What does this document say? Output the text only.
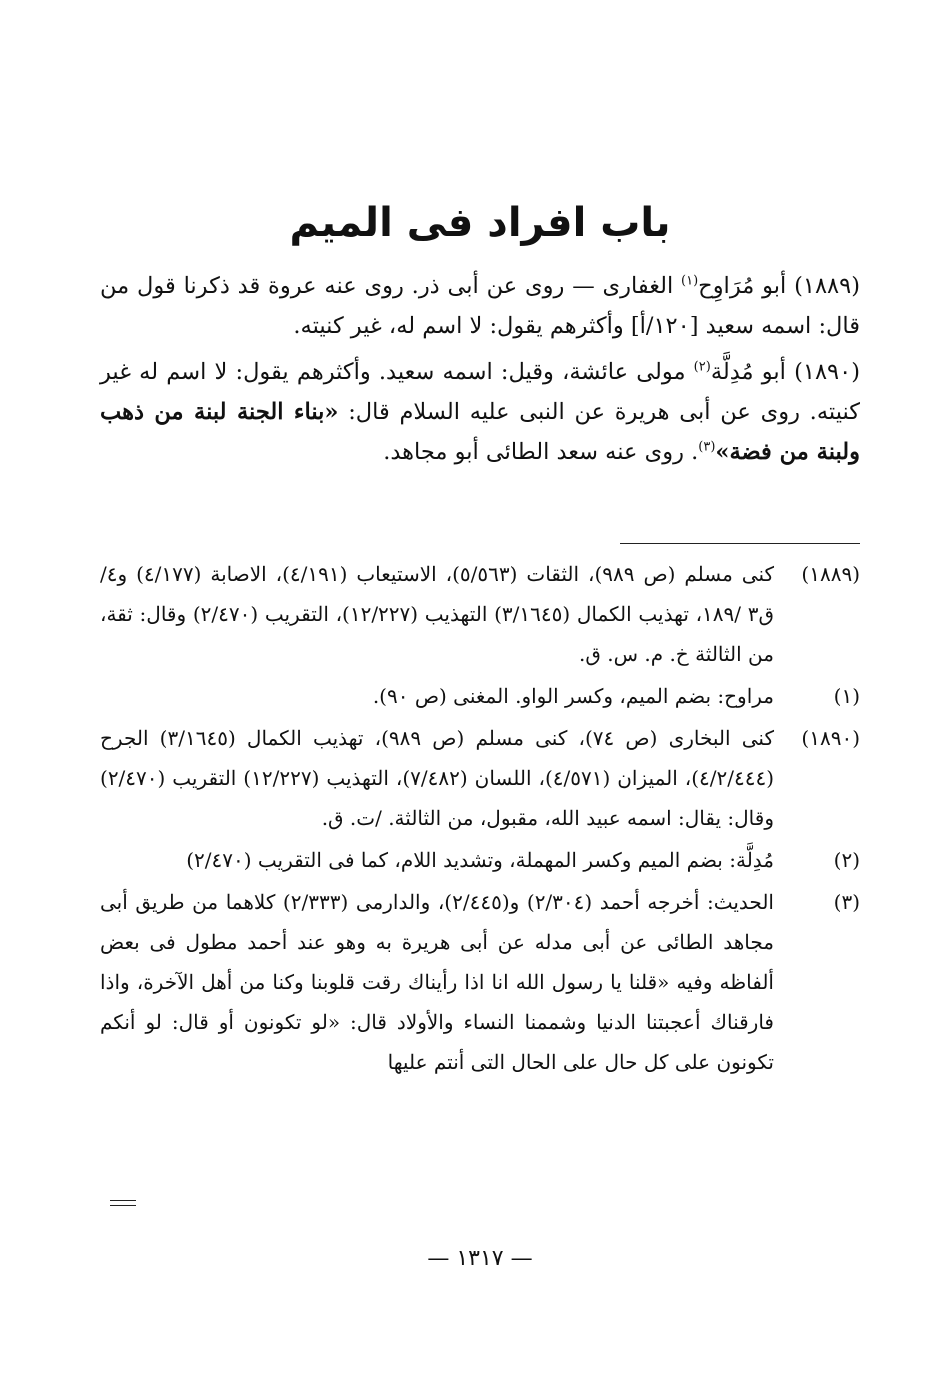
باب افراد فى الميم

(١٨٨٩) أبو مُرَاوِح$^{(١)}$ الغفارى — روى عن أبى ذر. روى عنه عروة قد ذكرنا قول من قال: اسمه سعيد [١٢٠/أ] وأكثرهم يقول: لا اسم له، غير كنيته.

(١٨٩٠) أبو مُدِلَّة$^{(٢)}$ مولى عائشة، وقيل: اسمه سعيد. وأكثرهم يقول: لا اسم له غير كنيته. روى عن أبى هريرة عن النبى عليه السلام قال: «بناء الجنة لبنة من ذهب ولبنة من فضة»$^{(٣)}$. روى عنه سعد الطائى أبو مجاهد.

(١٨٨٩)
كنى مسلم (ص ٩٨٩)، الثقات (٥/٥٦٣)، الاستيعاب (٤/١٩١)، الاصابة (٤/١٧٧) و٤/ ق٣ /١٨٩، تهذيب الكمال (٣/١٦٤٥) التهذيب (١٢/٢٢٧)، التقريب (٢/٤٧٠) وقال: ثقة، من الثالثة خ. م. س. ق.
(١)
مراوح: بضم الميم، وكسر الواو. المغنى (ص ٩٠).
(١٨٩٠)
كنى البخارى (ص ٧٤)، كنى مسلم (ص ٩٨٩)، تهذيب الكمال (٣/١٦٤٥) الجرح (٤/٢/٤٤٤)، الميزان (٤/٥٧١)، اللسان (٧/٤٨٢)، التهذيب (١٢/٢٢٧) التقريب (٢/٤٧٠) وقال: يقال: اسمه عبيد الله، مقبول، من الثالثة. /ت. ق.
(٢)
مُدِلَّة: بضم الميم وكسر المهملة، وتشديد اللام، كما فى التقريب (٢/٤٧٠)
(٣)
الحديث: أخرجه أحمد (٢/٣٠٤) و(٢/٤٤٥)، والدارمى (٢/٣٣٣) كلاهما من طريق أبى مجاهد الطائى عن أبى مدله عن أبى هريرة به وهو عند أحمد مطول فى بعض ألفاظه وفيه «قلنا يا رسول الله انا اذا رأيناك رقت قلوبنا وكنا من أهل الآخرة، واذا فارقناك أعجبتنا الدنيا وشممنا النساء والأولاد قال: «لو تكونون أو قال: لو أنكم تكونون على كل حال على الحال التى أنتم عليها
— ١٣١٧ —
